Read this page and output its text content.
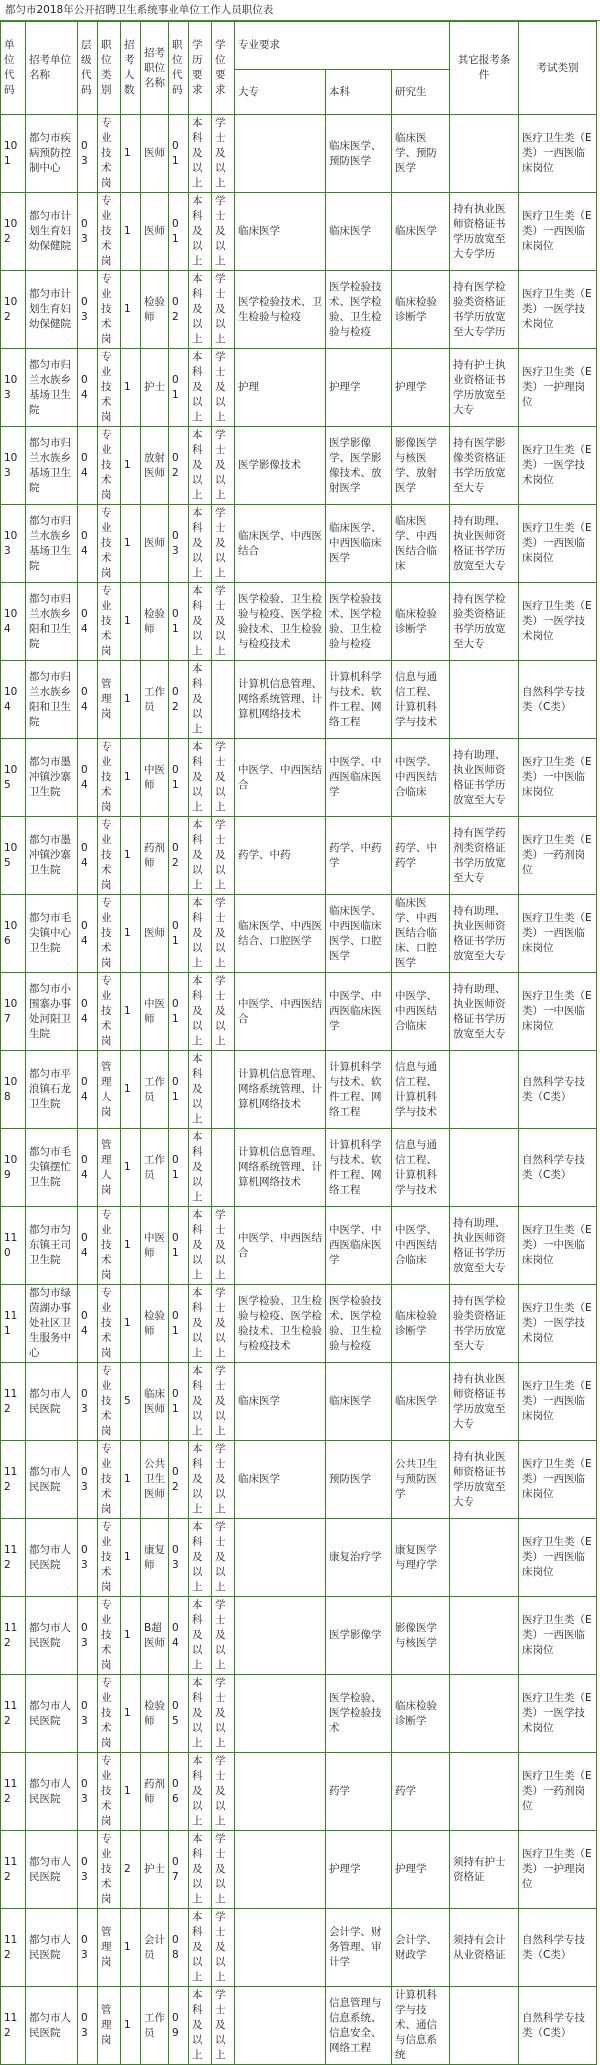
都匀市2018年公开招聘卫生系统事业单位工作人员职位表
单位代码	招考单位名称	层级代码	职位类别	招考人数	招考职位名称	职位代码	学历要求	学位要求	专业要求			其它报考条件	考试类别
									大专	本科	研究生		
101	都匀市疾病预防控制中心	03	专业技术岗	1	医师	01	本科及以上	学士及以上		临床医学、预防医学	临床医学、预防医学		医疗卫生类（E类）一西医临床岗位
102	都匀市计划生育妇幼保健院	03	专业技术岗	1	医师	01	本科及以上	学士及以上	临床医学	临床医学	临床医学	持有执业医师资格证书学历放宽至大专学历	医疗卫生类（E类）一西医临床岗位
102	都匀市计划生育妇幼保健院	03	专业技术岗	1	检验师	02	本科及以上	学士及以上	医学检验技术、卫生检验与检疫	医学检验技术、医学检验、卫生检验与检疫	临床检验诊断学	持有医学检验类资格证书学历放宽至大专学历	医疗卫生类（E类）一医学技术岗位
103	都匀市归兰水族乡基场卫生院	04	专业技术岗	1	护士	01	本科及以上	学士及以上	护理	护理学	护理学	持有护士执业资格证书学历放宽至大专	医疗卫生类（E类）一护理岗位
103	都匀市归兰水族乡基场卫生院	04	专业技术岗	1	放射医师	02	本科及以上	学士及以上	医学影像技术	医学影像学、医学影像技术、放射医学	影像医学与核医学、放射医学	持有医学影像类资格证书学历放宽至大专	医疗卫生类（E类）一医学技术岗位
103	都匀市归兰水族乡基场卫生院	04	专业技术岗	1	医师	03	本科及以上	学士及以上	临床医学、中西医结合	临床医学、中西医临床医学	临床医学、中西医结合临床	持有助理、执业医师资格证书学历放宽至大专	医疗卫生类（E类）一西医临床岗位
104	都匀市归兰水族乡阳和卫生院	04	专业技术岗	1	检验师	01	本科及以上	学士及以上	医学检验、卫生检验与检疫、医学检验技术、卫生检验与检疫技术	医学检验技术、医学检验、卫生检验与检疫	临床检验诊断学	持有医学检验类资格证书学历放宽至大专	医疗卫生类（E类）一医学技术岗位
104	都匀市归兰水族乡阳和卫生院	04	管理岗	1	工作员	02	本科及以上		计算机信息管理、网络系统管理、计算机网络技术	计算机科学与技术、软件工程、网络工程	信息与通信工程、计算机科学与技术		自然科学专技类（C类）
105	都匀市墨冲镇沙寨卫生院	04	专业技术岗	1	中医师	01	本科及以上	学士及以上	中医学、中西医结合	中医学、中西医临床医学	中医学、中西医结合临床	持有助理、执业医师资格证书学历放宽至大专	医疗卫生类（E类）一中医临床岗位
105	都匀市墨冲镇沙寨卫生院	04	专业技术岗	1	药剂师	02	本科及以上	学士及以上	药学、中药	药学、中药学	药学、中药学	持有医学药剂类资格证书学历放宽至大专	医疗卫生类（E类）一药剂岗位
106	都匀市毛尖镇中心卫生院	04	专业技术岗	1	医师	01	本科及以上	学士及以上	临床医学、中西医结合、口腔医学	临床医学、中西医临床医学、口腔医学	临床医学、中西医结合临床、口腔医学	持有助理、执业医师资格证书学历放宽至大专	医疗卫生类（E类）一西医临床岗位
107	都匀市小围寨办事处河阳卫生院	04	专业技术岗	1	中医师	01	本科及以上	学士及以上	中医学、中西医结合	中医学、中西医临床医学	中医学、中西医结合临床	持有助理、执业医师资格证书学历放宽至大专	医疗卫生类（E类）一中医临床岗位
108	都匀市平浪镇石龙卫生院	04	管理人岗	1	工作员	01	本科及以上		计算机信息管理、网络系统管理、计算机网络技术	计算机科学与技术、软件工程、网络工程	信息与通信工程、计算机科学与技术		自然科学专技类（C类）
109	都匀市毛尖镇摆忙卫生院	04	管理人岗	1	工作员	01	本科及以上		计算机信息管理、网络系统管理、计算机网络技术	计算机科学与技术、软件工程、网络工程	信息与通信工程、计算机科学与技术		自然科学专技类（C类）
110	都匀市匀东镇王司卫生院	04	专业技术岗	1	中医师	01	本科及以上	学士及以上	中医学、中西医结合	中医学、中西医临床医学	中医学、中西医结合临床	持有助理、执业医师资格证书学历放宽至大专	医疗卫生类（E类）一中医临床岗位
111	都匀市绿茵湖办事处社区卫生服务中心	04	专业技术岗	1	检验师	01	本科及以上	学士及以上	医学检验、卫生检验与检疫、医学检验技术、卫生检验与检疫技术	医学检验技术、医学检验、卫生检验与检疫	临床检验诊断学	持有医学检验类资格证书学历放宽至大专	医疗卫生类（E类）一医学技术岗位
112	都匀市人民医院	03	专业技术岗	5	临床医师	01	本科及以上	学士及以上	临床医学	临床医学	临床医学	持有执业医师资格证书学历放宽至大专	医疗卫生类（E类）一西医临床岗位
112	都匀市人民医院	03	专业技术岗	1	公共卫生医师	02	本科及以上	学士及以上	临床医学	预防医学	公共卫生与预防医学	持有执业医师资格证书学历放宽至大专	医疗卫生类（E类）一西医临床岗位
112	都匀市人民医院	03	专业技术岗	1	康复师	03	本科及以上	学士及以上		康复治疗学	康复医学与理疗学		医疗卫生类（E类）一西医临床岗位
112	都匀市人民医院	03	专业技术岗	1	B超医师	04	本科及以上	学士及以上		医学影像学	影像医学与核医学		医疗卫生类（E类）一西医临床岗位
112	都匀市人民医院	03	专业技术岗	1	检验师	05	本科及以上	学士及以上		医学检验、医学检验技术	临床检验诊断学		医疗卫生类（E类）一医学技术岗位
112	都匀市人民医院	03	专业技术岗	1	药剂师	06	本科及以上	学士及以上		药学	药学		医疗卫生类（E类）一药剂岗位
112	都匀市人民医院	03	专业技术岗	2	护士	07	本科及以上	学士及以上		护理学	护理学	须持有护士资格证	医疗卫生类（E类）一护理岗位
112	都匀市人民医院	03	管理岗	1	会计员	08	本科及以上	学士及以上		会计学、财务管理、审计学	会计学、财政学	须持有会计从业资格证	自然科学专技类（C类）
112	都匀市人民医院	03	管理岗	1	工作员	09	本科及以上	学士及以上		信息管理与信息系统、信息安全、网络工程	计算机科学与技术、通信与信息系统		自然科学专技类（C类）
